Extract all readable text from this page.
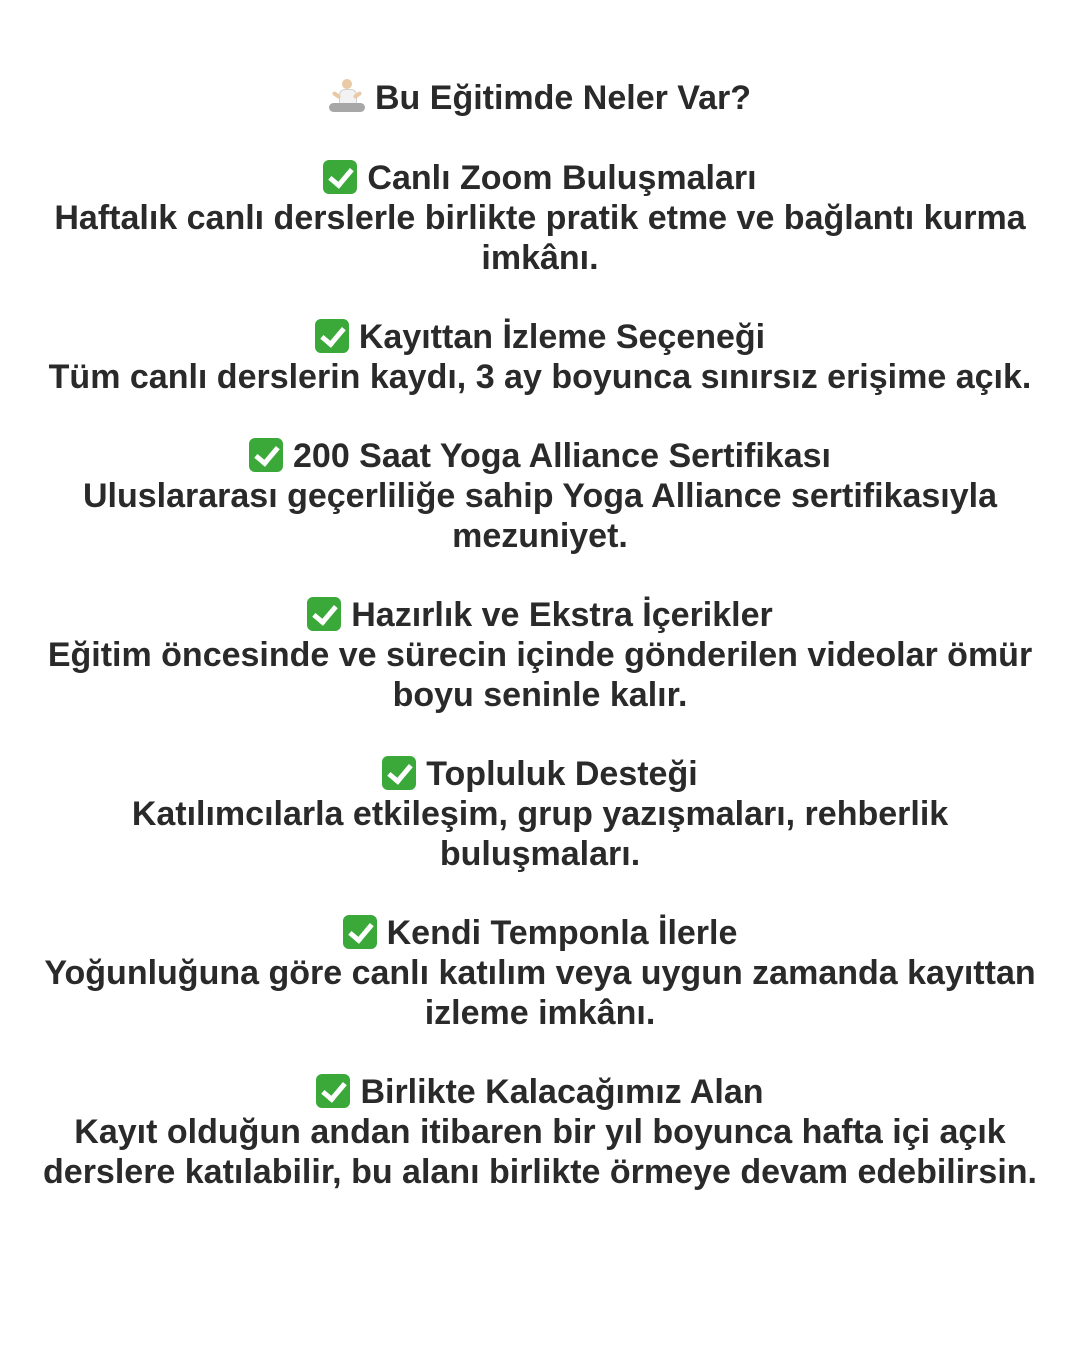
Bu Eğitimde Neler Var?
Canlı Zoom Buluşmaları
Haftalık canlı derslerle birlikte pratik etme ve bağlantı kurma imkânı.
Kayıttan İzleme Seçeneği
Tüm canlı derslerin kaydı, 3 ay boyunca sınırsız erişime açık.
200 Saat Yoga Alliance Sertifikası
Uluslararası geçerliliğe sahip Yoga Alliance sertifikasıyla mezuniyet.
Hazırlık ve Ekstra İçerikler
Eğitim öncesinde ve sürecin içinde gönderilen videolar ömür boyu seninle kalır.
Topluluk Desteği
Katılımcılarla etkileşim, grup yazışmaları, rehberlik buluşmaları.
Kendi Temponla İlerle
Yoğunluğuna göre canlı katılım veya uygun zamanda kayıttan izleme imkânı.
Birlikte Kalacağımız Alan
Kayıt olduğun andan itibaren bir yıl boyunca hafta içi açık derslere katılabilir, bu alanı birlikte örmeye devam edebilirsin.
